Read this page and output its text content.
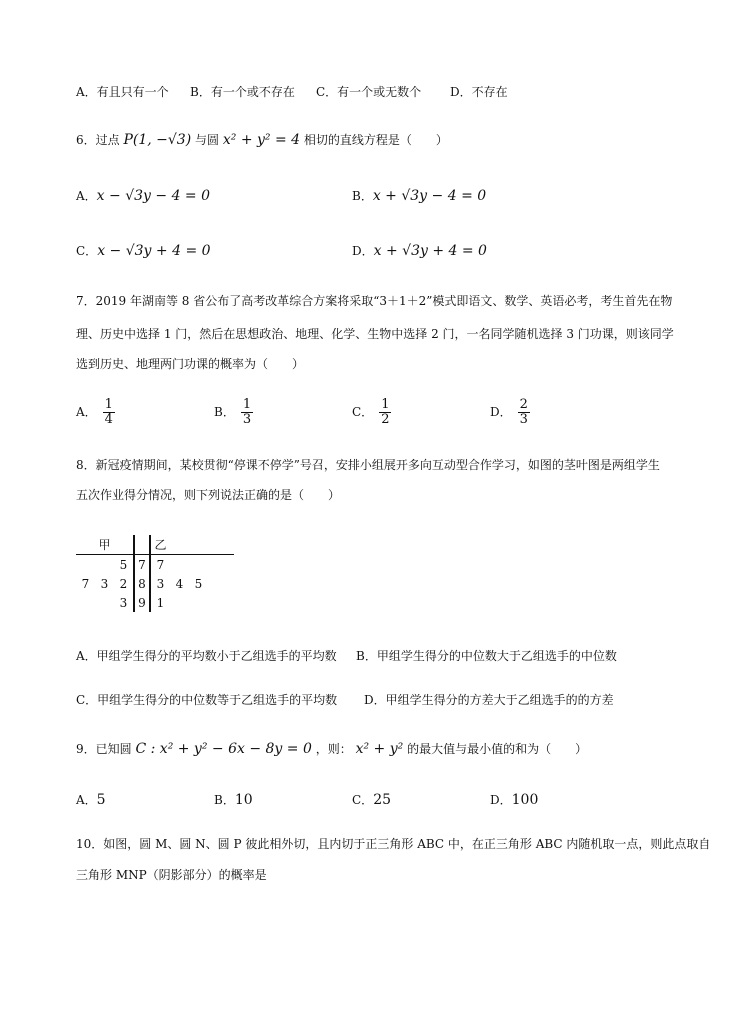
A．有且只有一个 B．有一个或不存在 C．有一个或无数个 D．不存在
6．过点 P(1, −√3) 与圆 x² + y² = 4 相切的直线方程是（　　）
A．x − √3y − 4 = 0	B．x + √3y − 4 = 0
C．x − √3y + 4 = 0	D．x + √3y + 4 = 0
7．2019 年湖南等 8 省公布了高考改革综合方案将采取“3＋1＋2”模式即语文、数学、英语必考，考生首先在物
理、历史中选择 1 门，然后在思想政治、地理、化学、生物中选择 2 门，一名同学随机选择 3 门功课，则该同学
选到历史、地理两门功课的概率为（　　）
A． $\frac{1}{4}$	B． $\frac{1}{3}$	C． $\frac{1}{2}$	D． $\frac{2}{3}$
8．新冠疫情期间，某校贯彻“停课不停学”号召，安排小组展开多向互动型合作学习，如图的茎叶图是两组学生
五次作业得分情况，则下列说法正确的是（　　）
	甲			乙			
		5	7	7			
7	3	2	8	3	4	5	
		3	9	1			
A．甲组学生得分的平均数小于乙组选手的平均数 B．甲组学生得分的中位数大于乙组选手的中位数
C．甲组学生得分的中位数等于乙组选手的平均数 D．甲组学生得分的方差大于乙组选手的的方差
9．已知圆 C : x² + y² − 6x − 8y = 0 ，则： x² + y² 的最大值与最小值的和为（　　）
A．5	B．10	C．25	D．100
10．如图，圆 M、圆 N、圆 P 彼此相外切，且内切于正三角形 ABC 中，在正三角形 ABC 内随机取一点，则此点取自
三角形 MNP（阴影部分）的概率是
